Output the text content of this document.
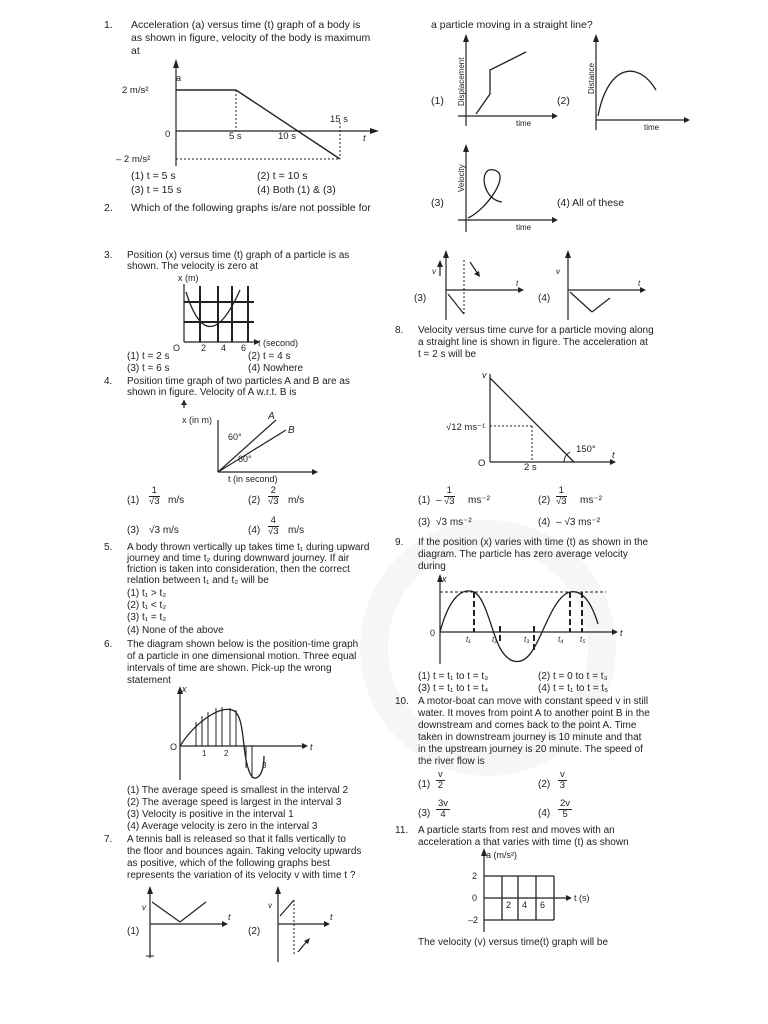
1. Acceleration (a) versus time (t) graph of a body is
as shown in figure, velocity of the body is maximum
at
a
2 m/s²
– 2 m/s²
0	5 s	10 s
15 s
t
(1) t = 5 s	(2) t = 10 s
(3) t = 15 s	(4) Both (1) & (3)
2. Which of the following graphs is/are not possible for
3. Position (x) versus time (t) graph of a particle is as
shown. The velocity is zero at
x (m)
O 2 4 6 t (second)
(1) t = 2 s	(2) t = 4 s
(3) t = 6 s	(4) Nowhere
4. Position time graph of two particles A and B are as
shown in figure. Velocity of A w.r.t. B is
x (in m)	A
B
60°
60°
t (in second)
$(1) \frac{1}{√3} m/s$	$(2) \frac{2}{√3} m/s$
(3) √3 m/s	$(4) \frac{4}{√3} m/s$
5. A body thrown vertically up takes time t₁ during upward
journey and time t₂ during downward journey. If air
friction is taken into consideration, then the correct
relation between t₁ and t₂ will be
(1) t₁ > t₂
(2) t₁ < t₂
(3) t₁ = t₂
(4) None of the above
6. The diagram shown below is the position-time graph
of a particle in one dimensional motion. Three equal
intervals of time are shown. Pick-up the wrong
statement
x
O	t
1 2
3
(1) The average speed is smallest in the interval 2
(2) The average speed is largest in the interval 3
(3) Velocity is positive in the interval 1
(4) Average velocity is zero in the interval 3
7. A tennis ball is released so that it falls vertically to
the floor and bounces again. Taking velocity upwards
as positive, which of the following graphs best
represents the variation of its velocity v with time t ?
(1)
v
t
(2)
v
t
a particle moving in a straight line?
(1) Displacement
time
(2)
Distance
time
(3)
Velocity
time
(4) All of these
(3)
v
t
(4)
v
t
8. Velocity versus time curve for a particle moving along
a straight line is shown in figure. The acceleration at
t = 2 s will be
v
√12 ms⁻¹
O	2 s
150° t
$(1) - \frac{1}{√3} ms^{-2}$	$(2) \frac{1}{√3} ms^{-2}$
(3) √3 ms⁻²	(4) – √3 ms⁻²
9. If the position (x) varies with time (t) as shown in the
diagram. The particle has zero average velocity
during
x
0	t
t₁	t₂	t₃	t₄ t₅
(1) t = t₁ to t = t₃	(2) t = 0 to t = t₃
(3) t = t₁ to t = t₄	(4) t = t₁ to t = t₅
10. A motor-boat can move with constant speed v in still
water. It moves from point A to another point B in the
downstream and comes back to the point A. Time
taken in downstream journey is 10 minute and that
in the upstream journey is 20 minute. The speed of
the river flow is
$(1) \frac{v}{2}$	$(2) \frac{v}{3}$
$(3) \frac{3v}{4}$	$(4) \frac{2v}{5}$
11. A particle starts from rest and moves with an
acceleration a that varies with time (t) as shown
a (m/s²)
2
0
–2
2 4 6
t (s)
The velocity (v) versus time(t) graph will be
